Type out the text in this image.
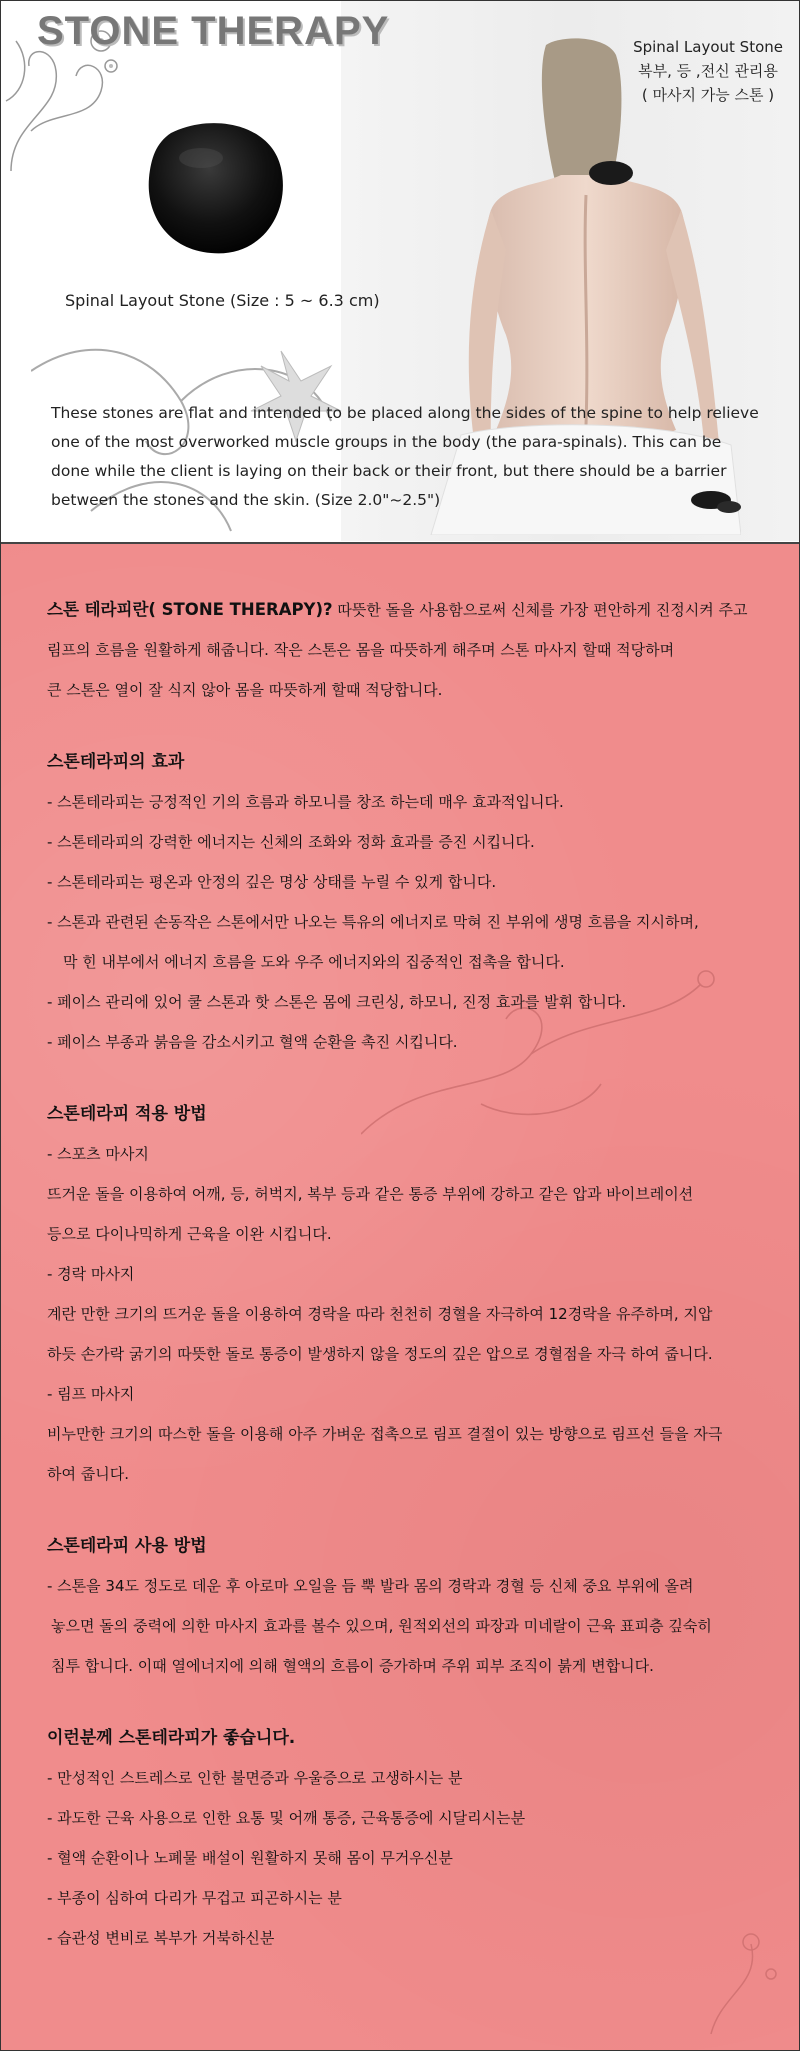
STONE THERAPY
Spinal Layout Stone (Size : 5 ~ 6.3 cm)
Spinal Layout Stone
복부, 등 ,전신 관리용
( 마사지 가능 스톤 )
These stones are flat and intended to be placed along the sides of the spine to help relieve
one of the most overworked muscle groups in the body (the para-spinals). This can be
done while the client is laying on their back or their front, but there should be a barrier
between the stones and the skin. (Size 2.0"~2.5")
스톤 테라피란( STONE THERAPY)? 따뜻한 돌을 사용함으로써 신체를 가장 편안하게 진정시켜 주고
림프의 흐름을 원활하게 해줍니다. 작은 스톤은 몸을 따뜻하게 해주며 스톤 마사지 할때 적당하며
큰 스톤은 열이 잘 식지 않아 몸을 따뜻하게 할때 적당합니다.
스톤테라피의 효과
- 스톤테라피는 긍정적인 기의 흐름과 하모니를 창조 하는데 매우 효과적입니다.
- 스톤테라피의 강력한 에너지는 신체의 조화와 정화 효과를 증진 시킵니다.
- 스톤테라피는 평온과 안정의 깊은 명상 상태를 누릴 수 있게 합니다.
- 스톤과 관련된 손동작은 스톤에서만 나오는 특유의 에너지로 막혀 진 부위에 생명 흐름을 지시하며,
막 힌 내부에서 에너지 흐름을 도와 우주 에너지와의 집중적인 접촉을 합니다.
- 페이스 관리에 있어 쿨 스톤과 핫 스톤은 몸에 크린싱, 하모니, 진정 효과를 발휘 합니다.
- 페이스 부종과 붉음을 감소시키고 혈액 순환을 촉진 시킵니다.
스톤테라피 적용 방법
- 스포츠 마사지
뜨거운 돌을 이용하여 어깨, 등, 허벅지, 복부 등과 같은 통증 부위에 강하고 같은 압과 바이브레이션
등으로 다이나믹하게 근육을 이완 시킵니다.
- 경락 마사지
계란 만한 크기의 뜨거운 돌을 이용하여 경락을 따라 천천히 경혈을 자극하여 12경락을 유주하며, 지압
하듯 손가락 굵기의 따뜻한 돌로 통증이 발생하지 않을 정도의 깊은 압으로 경혈점을 자극 하여 줍니다.
- 림프 마사지
비누만한 크기의 따스한 돌을 이용해 아주 가벼운 접촉으로 림프 결절이 있는 방향으로 림프선 들을 자극
하여 줍니다.
스톤테라피 사용 방법
- 스톤을 34도 정도로 데운 후 아로마 오일을 듬 뿍 발라 몸의 경락과 경혈 등 신체 중요 부위에 올려
놓으면 돌의 중력에 의한 마사지 효과를 볼수 있으며, 원적외선의 파장과 미네랄이 근육 표피층 깊숙히
침투 합니다. 이때 열에너지에 의해 혈액의 흐름이 증가하며 주위 피부 조직이 붉게 변합니다.
이런분께 스톤테라피가 좋습니다.
- 만성적인 스트레스로 인한 불면증과 우울증으로 고생하시는 분
- 과도한 근육 사용으로 인한 요통 및 어깨 통증, 근육통증에 시달리시는분
- 혈액 순환이나 노폐물 배설이 원활하지 못해 몸이 무거우신분
- 부종이 심하여 다리가 무겁고 피곤하시는 분
- 습관성 변비로 복부가 거북하신분
